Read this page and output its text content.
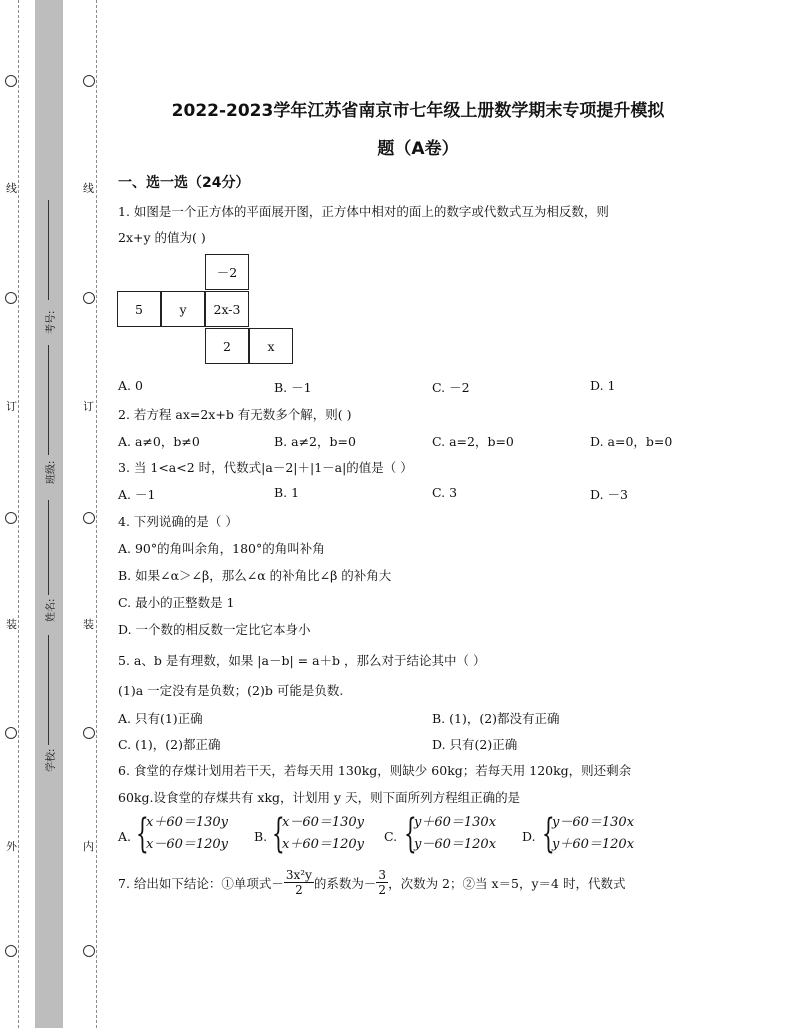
线
订
装
外
线
订
装
内
考号:
班级:
姓名:
学校:
2022-2023学年江苏省南京市七年级上册数学期末专项提升模拟
题（A卷）
一、选一选（24分）
1. 如图是一个正方体的平面展开图，正方体中相对的面上的数字或代数式互为相反数，则
2x+y 的值为( )
－2
5	y	2x-3
2	x
A. 0	B. －1	C. －2	D. 1
2. 若方程 ax=2x+b 有无数多个解，则( )
A. a≠0，b≠0	B. a≠2，b=0	C. a=2，b=0	D. a=0，b=0
3. 当 1<a<2 时，代数式|a－2|＋|1－a|的值是（ ）
A. －1	B. 1	C. 3	D. －3
4. 下列说确的是（ ）
A. 90°的角叫余角，180°的角叫补角
B. 如果∠α＞∠β，那么∠α 的补角比∠β 的补角大
C. 最小的正整数是 1
D. 一个数的相反数一定比它本身小
5. a、b 是有理数，如果 |a－b| = a＋b ，那么对于结论其中（ ）
(1)a 一定没有是负数；(2)b 可能是负数.
A. 只有(1)正确	B. (1)，(2)都没有正确
C. (1)，(2)都正确	D. 只有(2)正确
6. 食堂的存煤计划用若干天，若每天用 130kg，则缺少 60kg；若每天用 120kg，则还剩余
60kg.设食堂的存煤共有 xkg，计划用 y 天，则下面所列方程组正确的是
A. {
x＋60＝130y
x－60＝120y
B. {
x－60＝130y
x＋60＝120y
C. {
y＋60＝130x
y－60＝120x
D. {
y－60＝130x
y＋60＝120x
7. 给出如下结论：①单项式－ $\frac{\text{3x²y}}{2}$ 的系数为－ $\frac{3}{2}$ ，次数为 2；②当 x＝5，y＝4 时，代数式
